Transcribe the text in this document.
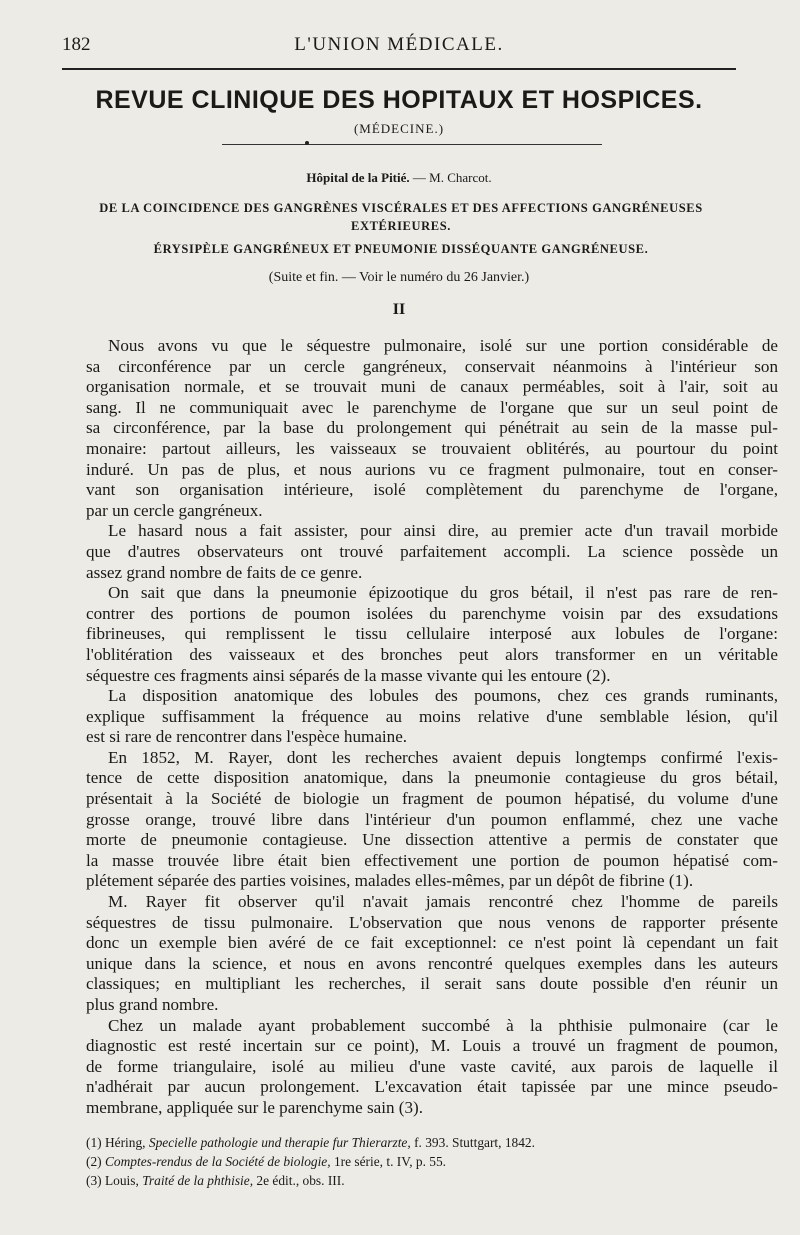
182	L'UNION MÉDICALE.
REVUE CLINIQUE DES HOPITAUX ET HOSPICES.
(MÉDECINE.)
Hôpital de la Pitié. — M. Charcot.
DE LA COINCIDENCE DES GANGRÈNES VISCÉRALES ET DES AFFECTIONS GANGRÉNEUSES
EXTÉRIEURES.
ÉRYSIPÈLE GANGRÉNEUX ET PNEUMONIE DISSÉQUANTE GANGRÉNEUSE.
(Suite et fin. — Voir le numéro du 26 Janvier.)
II
Nous avons vu que le séquestre pulmonaire, isolé sur une portion considérable de
sa circonférence par un cercle gangréneux, conservait néanmoins à l'intérieur son
organisation normale, et se trouvait muni de canaux perméables, soit à l'air, soit au
sang. Il ne communiquait avec le parenchyme de l'organe que sur un seul point de
sa circonférence, par la base du prolongement qui pénétrait au sein de la masse pul-
monaire: partout ailleurs, les vaisseaux se trouvaient oblitérés, au pourtour du point
induré. Un pas de plus, et nous aurions vu ce fragment pulmonaire, tout en conser-
vant son organisation intérieure, isolé complètement du parenchyme de l'organe,
par un cercle gangréneux.
Le hasard nous a fait assister, pour ainsi dire, au premier acte d'un travail morbide
que d'autres observateurs ont trouvé parfaitement accompli. La science possède un
assez grand nombre de faits de ce genre.
On sait que dans la pneumonie épizootique du gros bétail, il n'est pas rare de ren-
contrer des portions de poumon isolées du parenchyme voisin par des exsudations
fibrineuses, qui remplissent le tissu cellulaire interposé aux lobules de l'organe:
l'oblitération des vaisseaux et des bronches peut alors transformer en un véritable
séquestre ces fragments ainsi séparés de la masse vivante qui les entoure (2).
La disposition anatomique des lobules des poumons, chez ces grands ruminants,
explique suffisamment la fréquence au moins relative d'une semblable lésion, qu'il
est si rare de rencontrer dans l'espèce humaine.
En 1852, M. Rayer, dont les recherches avaient depuis longtemps confirmé l'exis-
tence de cette disposition anatomique, dans la pneumonie contagieuse du gros bétail,
présentait à la Société de biologie un fragment de poumon hépatisé, du volume d'une
grosse orange, trouvé libre dans l'intérieur d'un poumon enflammé, chez une vache
morte de pneumonie contagieuse. Une dissection attentive a permis de constater que
la masse trouvée libre était bien effectivement une portion de poumon hépatisé com-
plétement séparée des parties voisines, malades elles-mêmes, par un dépôt de fibrine (1).
M. Rayer fit observer qu'il n'avait jamais rencontré chez l'homme de pareils
séquestres de tissu pulmonaire. L'observation que nous venons de rapporter présente
donc un exemple bien avéré de ce fait exceptionnel: ce n'est point là cependant un fait
unique dans la science, et nous en avons rencontré quelques exemples dans les auteurs
classiques; en multipliant les recherches, il serait sans doute possible d'en réunir un
plus grand nombre.
Chez un malade ayant probablement succombé à la phthisie pulmonaire (car le
diagnostic est resté incertain sur ce point), M. Louis a trouvé un fragment de poumon,
de forme triangulaire, isolé au milieu d'une vaste cavité, aux parois de laquelle il
n'adhérait par aucun prolongement. L'excavation était tapissée par une mince pseudo-
membrane, appliquée sur le parenchyme sain (3).
(1) Héring, Specielle pathologie und therapie fur Thierarzte, f. 393. Stuttgart, 1842.
(2) Comptes-rendus de la Société de biologie, 1re série, t. IV, p. 55.
(3) Louis, Traité de la phthisie, 2e édit., obs. III.
